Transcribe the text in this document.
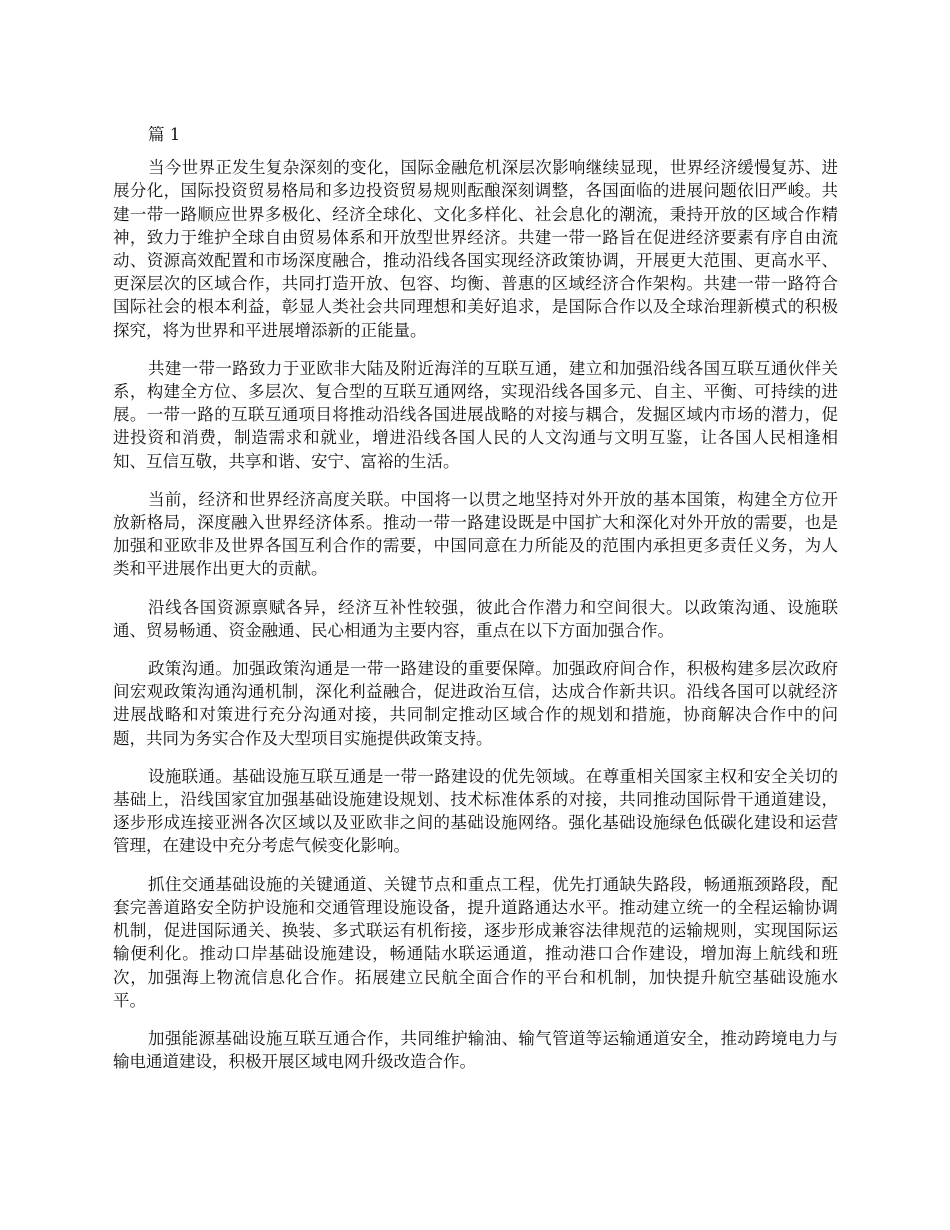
篇 1

当今世界正发生复杂深刻的变化，国际金融危机深层次影响继续显现，世界经济缓慢复苏、进展分化，国际投资贸易格局和多边投资贸易规则酝酿深刻调整，各国面临的进展问题依旧严峻。共建一带一路顺应世界多极化、经济全球化、文化多样化、社会息化的潮流，秉持开放的区域合作精神，致力于维护全球自由贸易体系和开放型世界经济。共建一带一路旨在促进经济要素有序自由流动、资源高效配置和市场深度融合，推动沿线各国实现经济政策协调，开展更大范围、更高水平、更深层次的区域合作，共同打造开放、包容、均衡、普惠的区域经济合作架构。共建一带一路符合国际社会的根本利益，彰显人类社会共同理想和美好追求，是国际合作以及全球治理新模式的积极探究，将为世界和平进展增添新的正能量。

共建一带一路致力于亚欧非大陆及附近海洋的互联互通，建立和加强沿线各国互联互通伙伴关系，构建全方位、多层次、复合型的互联互通网络，实现沿线各国多元、自主、平衡、可持续的进展。一带一路的互联互通项目将推动沿线各国进展战略的对接与耦合，发掘区域内市场的潜力，促进投资和消费，制造需求和就业，增进沿线各国人民的人文沟通与文明互鉴，让各国人民相逢相知、互信互敬，共享和谐、安宁、富裕的生活。

当前，经济和世界经济高度关联。中国将一以贯之地坚持对外开放的基本国策，构建全方位开放新格局，深度融入世界经济体系。推动一带一路建设既是中国扩大和深化对外开放的需要，也是加强和亚欧非及世界各国互利合作的需要，中国同意在力所能及的范围内承担更多责任义务，为人类和平进展作出更大的贡献。

沿线各国资源禀赋各异，经济互补性较强，彼此合作潜力和空间很大。以政策沟通、设施联通、贸易畅通、资金融通、民心相通为主要内容，重点在以下方面加强合作。

政策沟通。加强政策沟通是一带一路建设的重要保障。加强政府间合作，积极构建多层次政府间宏观政策沟通沟通机制，深化利益融合，促进政治互信，达成合作新共识。沿线各国可以就经济进展战略和对策进行充分沟通对接，共同制定推动区域合作的规划和措施，协商解决合作中的问题，共同为务实合作及大型项目实施提供政策支持。

设施联通。基础设施互联互通是一带一路建设的优先领域。在尊重相关国家主权和安全关切的基础上，沿线国家宜加强基础设施建设规划、技术标准体系的对接，共同推动国际骨干通道建设，逐步形成连接亚洲各次区域以及亚欧非之间的基础设施网络。强化基础设施绿色低碳化建设和运营管理，在建设中充分考虑气候变化影响。

抓住交通基础设施的关键通道、关键节点和重点工程，优先打通缺失路段，畅通瓶颈路段，配套完善道路安全防护设施和交通管理设施设备，提升道路通达水平。推动建立统一的全程运输协调机制，促进国际通关、换装、多式联运有机衔接，逐步形成兼容法律规范的运输规则，实现国际运输便利化。推动口岸基础设施建设，畅通陆水联运通道，推动港口合作建设，增加海上航线和班次，加强海上物流信息化合作。拓展建立民航全面合作的平台和机制，加快提升航空基础设施水平。

加强能源基础设施互联互通合作，共同维护输油、输气管道等运输通道安全，推动跨境电力与输电通道建设，积极开展区域电网升级改造合作。
